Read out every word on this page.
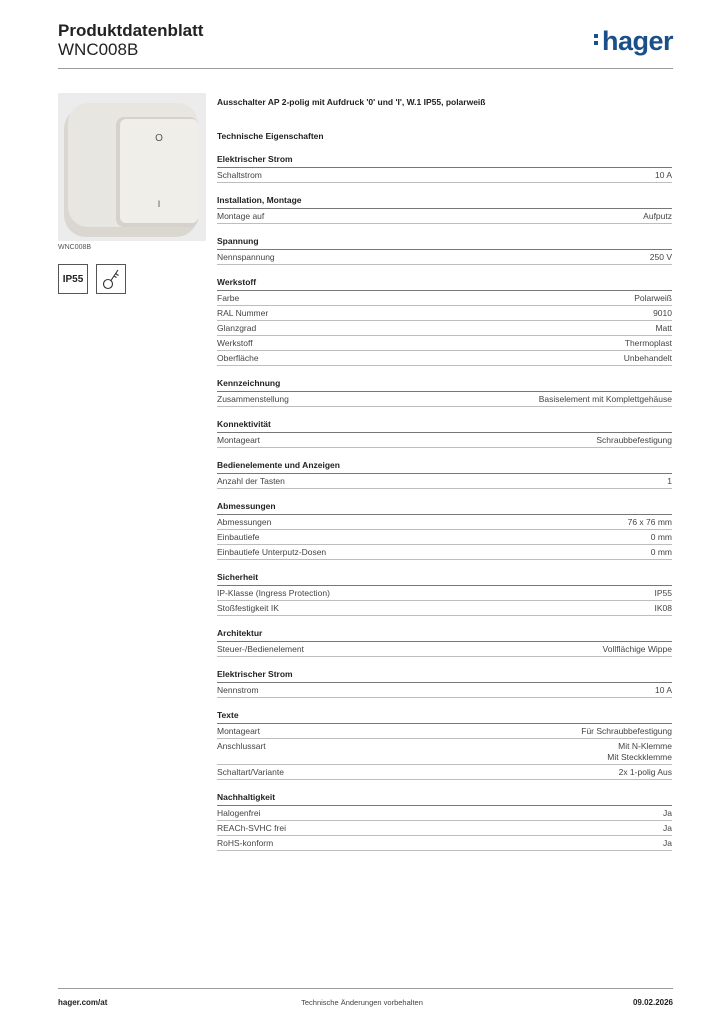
Produktdatenblatt
WNC008B	hager
O
I
WNC008B
IP55
Ausschalter AP 2-polig mit Aufdruck '0' und 'I', W.1 IP55, polarweiß
Technische Eigenschaften
Elektrischer Strom
Schaltstrom	10 A
Installation, Montage
Montage auf	Aufputz
Spannung
Nennspannung	250 V
Werkstoff
Farbe	Polarweiß
RAL Nummer	9010
Glanzgrad	Matt
Werkstoff	Thermoplast
Oberfläche	Unbehandelt
Kennzeichnung
Zusammenstellung	Basiselement mit Komplettgehäuse
Konnektivität
Montageart	Schraubbefestigung
Bedienelemente und Anzeigen
Anzahl der Tasten	1
Abmessungen
Abmessungen	76 x 76 mm
Einbautiefe	0 mm
Einbautiefe Unterputz-Dosen	0 mm
Sicherheit
IP-Klasse (Ingress Protection)	IP55
Stoßfestigkeit IK	IK08
Architektur
Steuer-/Bedienelement	Vollflächige Wippe
Elektrischer Strom
Nennstrom	10 A
Texte
Montageart	Für Schraubbefestigung
Anschlussart	Mit N-Klemme
Mit Steckklemme
Schaltart/Variante	2x 1-polig Aus
Nachhaltigkeit
Halogenfrei	Ja
REACh-SVHC frei	Ja
RoHS-konform	Ja
hager.com/at	Technische Änderungen vorbehalten	09.02.2026
